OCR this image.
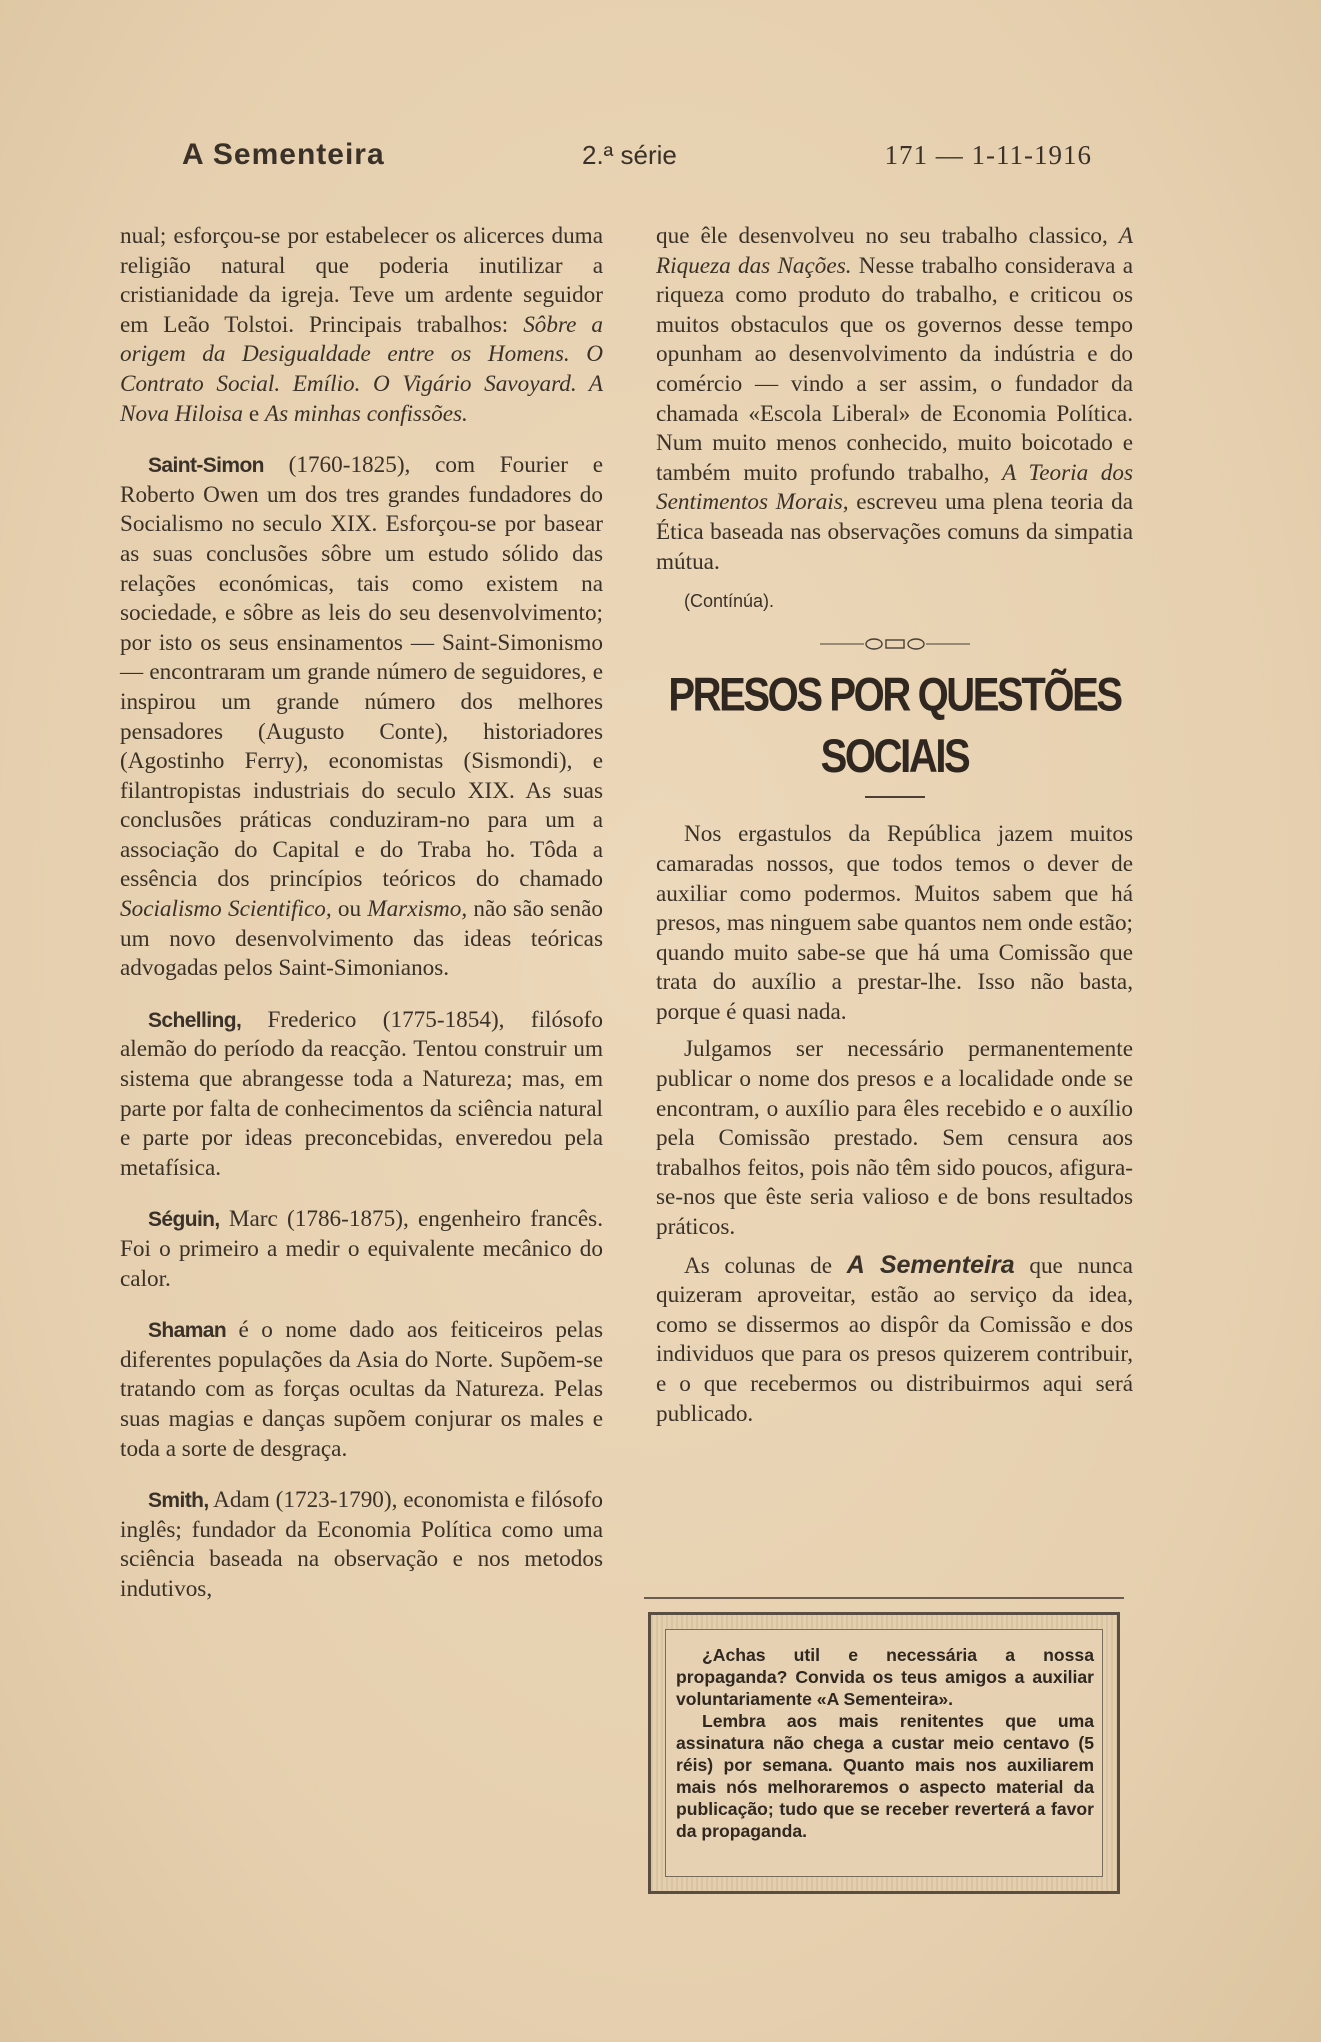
A Sementeira	2.ª série	171 — 1-11-1916

nual; esforçou-se por estabelecer os alicerces duma religião natural que poderia inutilizar a cristianidade da igreja. Teve um ardente seguidor em Leão Tolstoi. Principais trabalhos: Sôbre a origem da Desigualdade entre os Homens. O Contrato Social. Emílio. O Vigário Savoyard. A Nova Hiloisa e As minhas confissões.

Saint-Simon (1760-1825), com Fourier e Roberto Owen um dos tres grandes fundadores do Socialismo no seculo XIX. Esforçou-se por basear as suas conclusões sôbre um estudo sólido das relações económicas, tais como existem na sociedade, e sôbre as leis do seu desenvolvimento; por isto os seus ensinamentos — Saint-Simonismo — encontraram um grande número de seguidores, e inspirou um grande número dos melhores pensadores (Augusto Conte), historiadores (Agostinho Ferry), economistas (Sismondi), e filantropistas industriais do seculo XIX. As suas conclusões práticas conduziram-no para um a associação do Capital e do Traba ho. Tôda a essência dos princípios teóricos do chamado Socialismo Scientifico, ou Marxismo, não são senão um novo desenvolvimento das ideas teóricas advogadas pelos Saint-Simonianos.

Schelling, Frederico (1775-1854), filósofo alemão do período da reacção. Tentou construir um sistema que abrangesse toda a Natureza; mas, em parte por falta de conhecimentos da sciência natural e parte por ideas preconcebidas, enveredou pela metafísica.

Séguin, Marc (1786-1875), engenheiro francês. Foi o primeiro a medir o equivalente mecânico do calor.

Shaman é o nome dado aos feiticeiros pelas diferentes populações da Asia do Norte. Supõem-se tratando com as forças ocultas da Natureza. Pelas suas magias e danças supõem conjurar os males e toda a sorte de desgraça.

Smith, Adam (1723-1790), economista e filósofo inglês; fundador da Economia Política como uma sciência baseada na observação e nos metodos indutivos,

que êle desenvolveu no seu trabalho classico, A Riqueza das Nações. Nesse trabalho considerava a riqueza como produto do trabalho, e criticou os muitos obstaculos que os governos desse tempo opunham ao desenvolvimento da indústria e do comércio — vindo a ser assim, o fundador da chamada «Escola Liberal» de Economia Política. Num muito menos conhecido, muito boicotado e também muito profundo trabalho, A Teoria dos Sentimentos Morais, escreveu uma plena teoria da Ética baseada nas observações comuns da simpatia mútua.

(Contínúa).

PRESOS POR QUESTÕES SOCIAIS

Nos ergastulos da República jazem muitos camaradas nossos, que todos temos o dever de auxiliar como podermos. Muitos sabem que há presos, mas ninguem sabe quantos nem onde estão; quando muito sabe-se que há uma Comissão que trata do auxílio a prestar-lhe. Isso não basta, porque é quasi nada.

Julgamos ser necessário permanentemente publicar o nome dos presos e a localidade onde se encontram, o auxílio para êles recebido e o auxílio pela Comissão prestado. Sem censura aos trabalhos feitos, pois não têm sido poucos, afigura-se-nos que êste seria valioso e de bons resultados práticos.

As colunas de A Sementeira que nunca quizeram aproveitar, estão ao serviço da idea, como se dissermos ao dispôr da Comissão e dos individuos que para os presos quizerem contribuir, e o que recebermos ou distribuirmos aqui será publicado.

¿Achas util e necessária a nossa propaganda? Convida os teus amigos a auxiliar voluntariamente «A Sementeira».
Lembra aos mais renitentes que uma assinatura não chega a custar meio centavo (5 réis) por semana. Quanto mais nos auxiliarem mais nós melhoraremos o aspecto material da publicação; tudo que se receber reverterá a favor da propaganda.
